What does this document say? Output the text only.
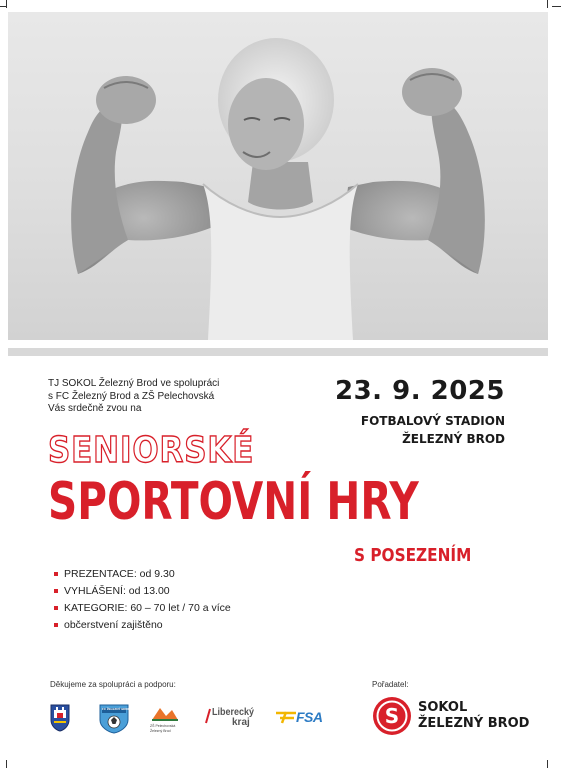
TJ SOKOL Železný Brod ve spolupráci
s FC Železný Brod a ZŠ Pelechovská
Vás srdečně zvou na
23. 9. 2025
FOTBALOVÝ STADION
ŽELEZNÝ BROD
SENIORSKÉ
SPORTOVNÍ HRY
S POSEZENÍM
PREZENTACE: od 9.30
VYHLÁŠENÍ: od 13.00
KATEGORIE: 60 – 70 let / 70 a více
občerstvení zajištěno
Děkujeme za spolupráci a podporu:
FC ŽELEZNÝ BROD
ZŠ Pelechovská Železný Brod
Liberecký
kraj	FSA
Pořadatel:
S SOKOL
ŽELEZNÝ BROD
